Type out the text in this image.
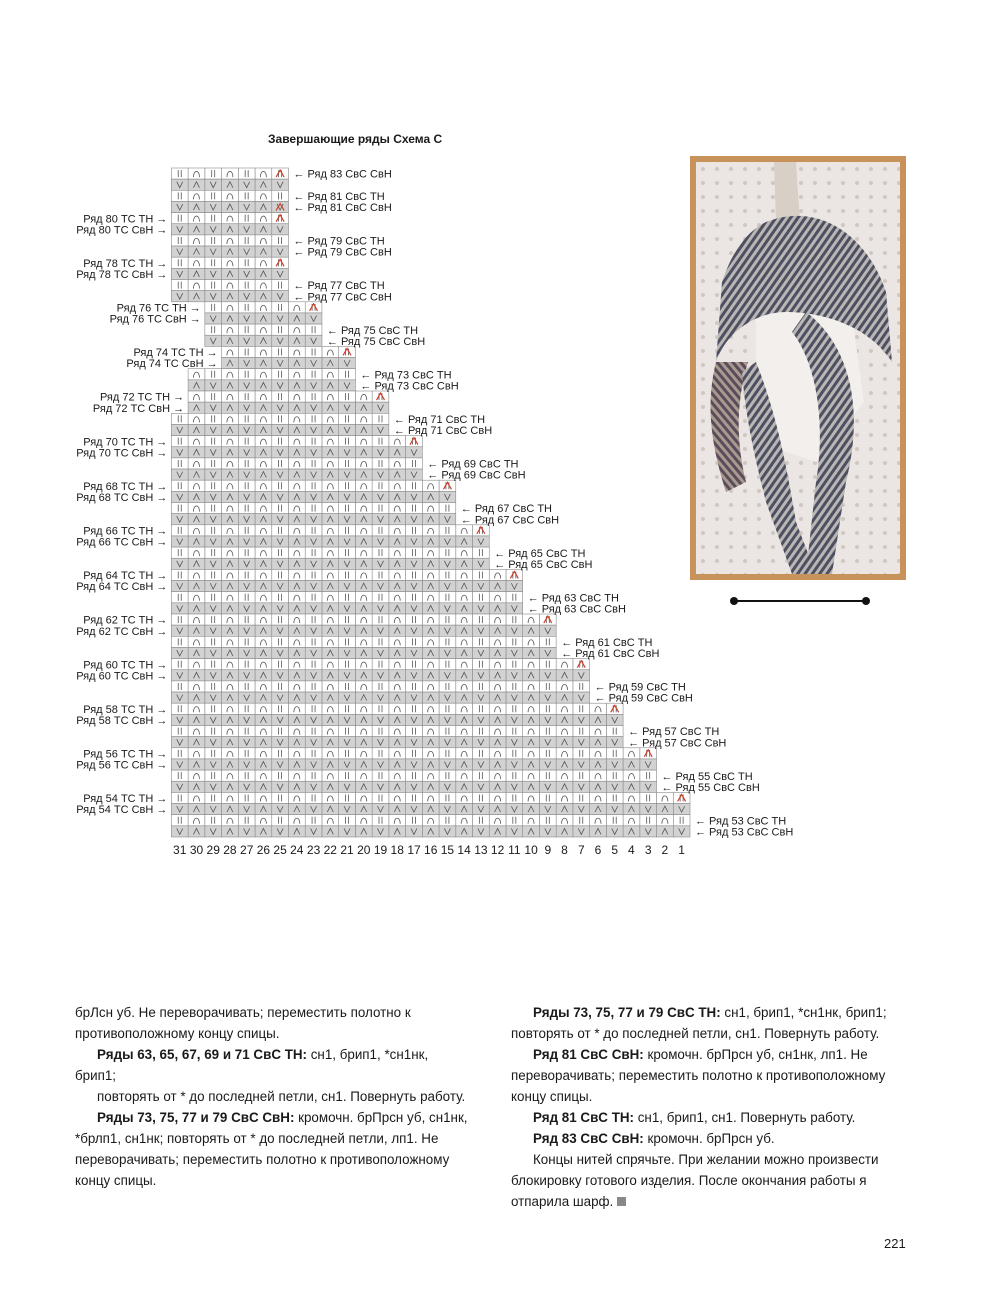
Завершающие ряды Схема С
← Ряд 83 СвС СвН
← Ряд 81 СвС ТН
← Ряд 81 СвС СвН
← Ряд 79 СвС ТН
← Ряд 79 СвС СвН
← Ряд 77 СвС ТН
← Ряд 77 СвС СвН
← Ряд 75 СвС ТН
← Ряд 75 СвС СвН
← Ряд 73 СвС ТН
← Ряд 73 СвС СвН
← Ряд 71 СвС ТН
← Ряд 71 СвС СвН
← Ряд 69 СвС ТН
← Ряд 69 СвС СвН
← Ряд 67 СвС ТН
← Ряд 67 СвС СвН
← Ряд 65 СвС ТН
← Ряд 65 СвС СвН
← Ряд 63 СвС ТН
← Ряд 63 СвС СвН
← Ряд 61 СвС ТН
← Ряд 61 СвС СвН
← Ряд 59 СвС ТН
← Ряд 59 СвС СвН
← Ряд 57 СвС ТН
← Ряд 57 СвС СвН
← Ряд 55 СвС ТН
← Ряд 55 СвС СвН
← Ряд 53 СвС ТН
← Ряд 53 СвС СвН
Ряд 80 ТС ТН →
Ряд 80 ТС СвН →
Ряд 78 ТС ТН →
Ряд 78 ТС СвН →
Ряд 76 ТС ТН →
Ряд 76 ТС СвН →
Ряд 74 ТС ТН →
Ряд 74 ТС СвН →
Ряд 72 ТС ТН →
Ряд 72 ТС СвН →
Ряд 70 ТС ТН →
Ряд 70 ТС СвН →
Ряд 68 ТС ТН →
Ряд 68 ТС СвН →
Ряд 66 ТС ТН →
Ряд 66 ТС СвН →
Ряд 64 ТС ТН →
Ряд 64 ТС СвН →
Ряд 62 ТС ТН →
Ряд 62 ТС СвН →
Ряд 60 ТС ТН →
Ряд 60 ТС СвН →
Ряд 58 ТС ТН →
Ряд 58 ТС СвН →
Ряд 56 ТС ТН →
Ряд 56 ТС СвН →
Ряд 54 ТС ТН →
Ряд 54 ТС СвН →
31 30 29 28 27 26 25 24 23 22 21 20 19 18 17 16 15 14 13 12 11 10 9 8 7 6 5 4 3 2 1

брЛсн уб. Не переворачивать; переместить полотно к противоположному концу спицы.

Ряды 63, 65, 67, 69 и 71 СвС ТН: сн1, брип1, *сн1нк, брип1;

повторять от * до последней петли, сн1. Повернуть работу.

Ряды 73, 75, 77 и 79 СвС СвН: кромочн. брПрсн уб, сн1нк, *брлп1, сн1нк; повторять от * до последней петли, лп1. Не переворачивать; переместить полотно к противоположному концу спицы.

Ряды 73, 75, 77 и 79 СвС ТН: сн1, брип1, *сн1нк, брип1; повторять от * до последней петли, сн1. Повернуть работу.

Ряд 81 СвС СвН: кромочн. брПрсн уб, сн1нк, лп1. Не переворачивать; переместить полотно к противоположному концу спицы.

Ряд 81 СвС ТН: сн1, брип1, сн1. Повернуть работу.

Ряд 83 СвС СвН: кромочн. брПрсн уб.

Концы нитей спрячьте. При желании можно произвести блокировку готового изделия. После окончания работы я отпарила шарф.

221
